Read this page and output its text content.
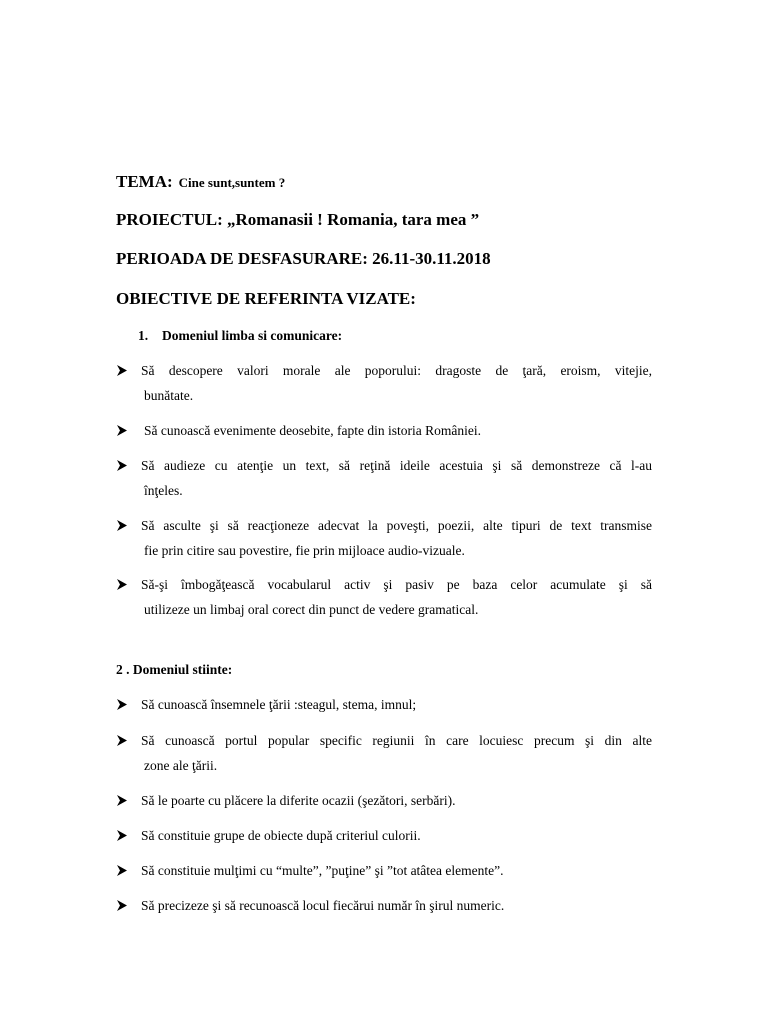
TEMA: Cine sunt,suntem ?
PROIECTUL: „Romanasii ! Romania, tara mea ”
PERIOADA DE DESFASURARE: 26.11-30.11.2018
OBIECTIVE DE REFERINTA VIZATE:
1. Domeniul limba si comunicare:
Să descopere valori morale ale poporului: dragoste de ţară, eroism, vitejie,
bunătate.
Să cunoască evenimente deosebite, fapte din istoria României.
Să audieze cu atenţie un text, să reţină ideile acestuia şi să demonstreze că l-au
înţeles.
Să asculte şi să reacţioneze adecvat la poveşti, poezii, alte tipuri de text transmise
fie prin citire sau povestire, fie prin mijloace audio-vizuale.
Să-şi îmbogăţească vocabularul activ şi pasiv pe baza celor acumulate şi să
utilizeze un limbaj oral corect din punct de vedere gramatical.
2 . Domeniul stiinte:
Să cunoască însemnele ţării :steagul, stema, imnul;
Să cunoască portul popular specific regiunii în care locuiesc precum şi din alte
zone ale ţării.
Să le poarte cu plăcere la diferite ocazii (şezători, serbări).
Să constituie grupe de obiecte după criteriul culorii.
Să constituie mulţimi cu “multe”, ”puţine” şi ”tot atâtea elemente”.
Să precizeze şi să recunoască locul fiecărui număr în şirul numeric.
